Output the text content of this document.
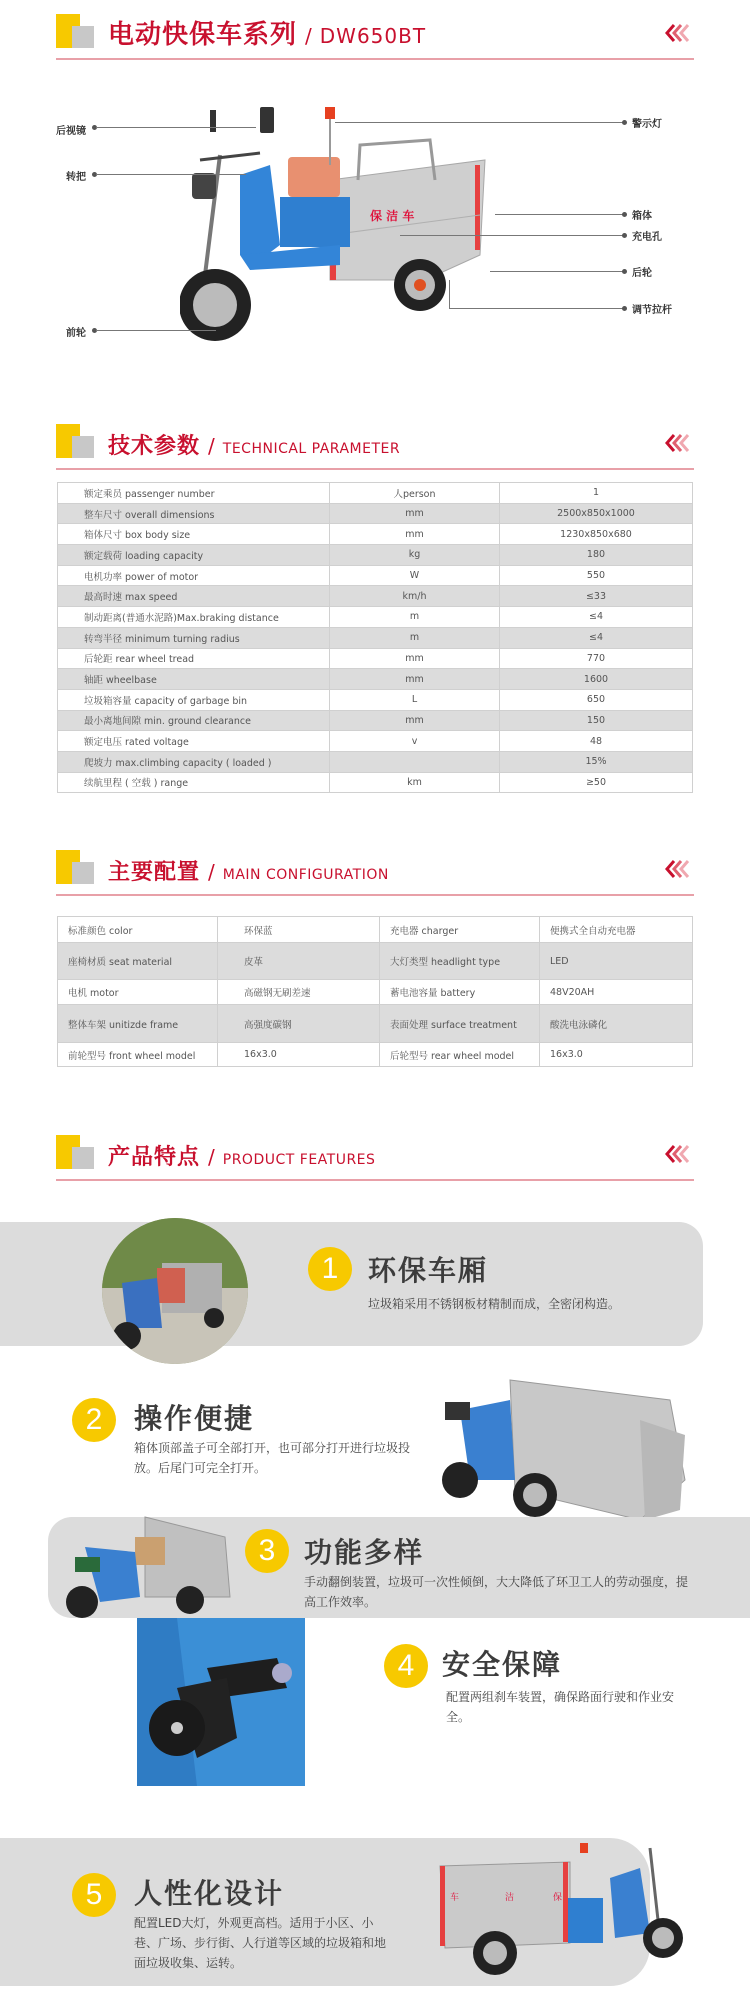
电动快保车系列 / DW650BT
保 洁 车
后视镜
转把
前轮
警示灯
箱体
充电孔
后轮
调节拉杆
技术参数 / TECHNICAL PARAMETER
额定乘员 passenger number	人person	1
整车尺寸 overall dimensions	mm	2500x850x1000
箱体尺寸 box body size	mm	1230x850x680
额定载荷 loading capacity	kg	180
电机功率 power of motor	W	550
最高时速 max speed	km/h	≤33
制动距离(普通水泥路)Max.braking distance	m	≤4
转弯半径 minimum turning radius	m	≤4
后轮距 rear wheel tread	mm	770
轴距 wheelbase	mm	1600
垃圾箱容量 capacity of garbage bin	L	650
最小离地间隙 min. ground clearance	mm	150
额定电压 rated voltage	v	48
爬坡力 max.climbing capacity ( loaded )		15%
续航里程 ( 空载 ) range	km	≥50
主要配置 / MAIN CONFIGURATION
标准颜色 color	环保蓝	充电器 charger	便携式全自动充电器
座椅材质 seat material	皮革	大灯类型 headlight type	LED
电机 motor	高磁钢无刷差速	蓄电池容量 battery	48V20AH
整体车架 unitizde frame	高强度碳钢	表面处理 surface treatment	酸洗电泳磷化
前轮型号 front wheel model	16x3.0	后轮型号 rear wheel model	16x3.0
产品特点 / PRODUCT FEATURES
1	环保车厢
垃圾箱采用不锈钢板材精制而成，全密闭构造。
2	操作便捷
箱体顶部盖子可全部打开，也可部分打开进行垃圾投放。后尾门可完全打开。
3	功能多样
手动翻倒装置，垃圾可一次性倾倒，大大降低了环卫工人的劳动强度，提高工作效率。
4 安全保障
配置两组刹车装置，确保路面行驶和作业安全。
5	人性化设计
配置LED大灯，外观更高档。适用于小区、小巷、广场、步行街、人行道等区域的垃圾箱和地面垃圾收集、运转。
车	洁	保
